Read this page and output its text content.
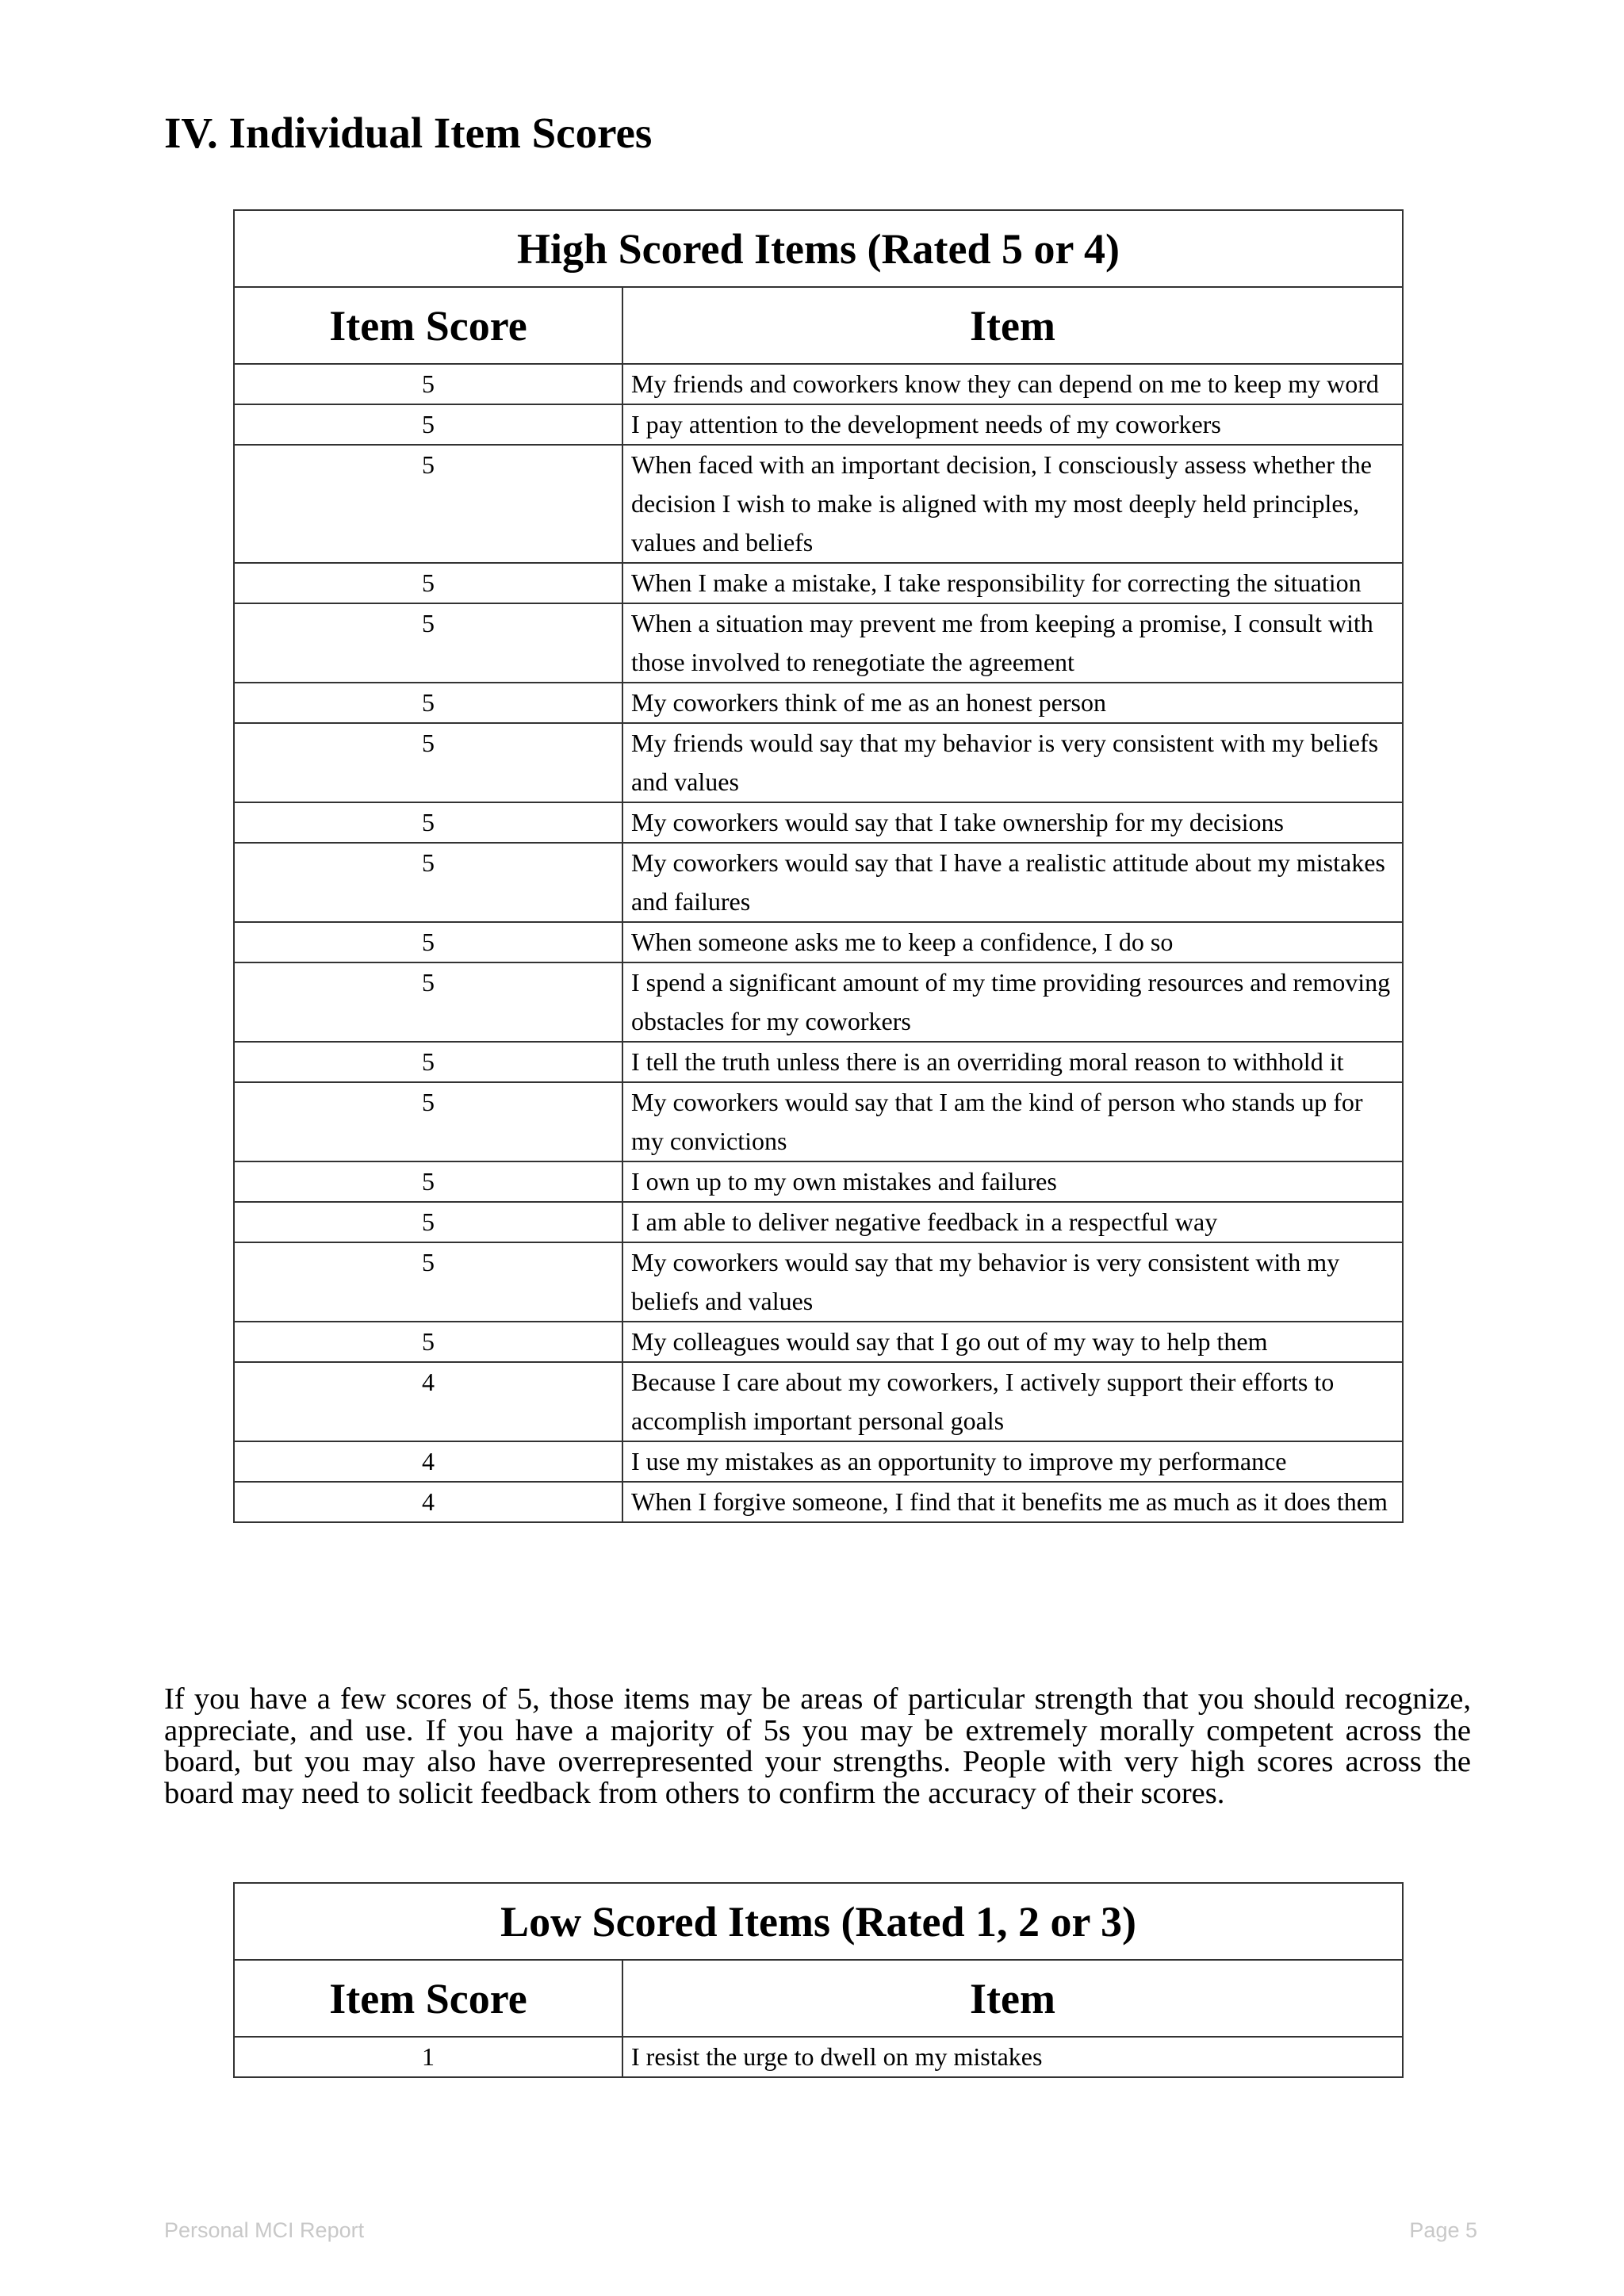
IV. Individual Item Scores
High Scored Items (Rated 5 or 4)	
Item Score	Item
5	My friends and coworkers know they can depend on me to keep my word
5	I pay attention to the development needs of my coworkers
5	When faced with an important decision, I consciously assess whether the decision I wish to make is aligned with my most deeply held principles, values and beliefs
5	When I make a mistake, I take responsibility for correcting the situation
5	When a situation may prevent me from keeping a promise, I consult with those involved to renegotiate the agreement
5	My coworkers think of me as an honest person
5	My friends would say that my behavior is very consistent with my beliefs and values
5	My coworkers would say that I take ownership for my decisions
5	My coworkers would say that I have a realistic attitude about my mistakes and failures
5	When someone asks me to keep a confidence, I do so
5	I spend a significant amount of my time providing resources and removing obstacles for my coworkers
5	I tell the truth unless there is an overriding moral reason to withhold it
5	My coworkers would say that I am the kind of person who stands up for my convictions
5	I own up to my own mistakes and failures
5	I am able to deliver negative feedback in a respectful way
5	My coworkers would say that my behavior is very consistent with my beliefs and values
5	My colleagues would say that I go out of my way to help them
4	Because I care about my coworkers, I actively support their efforts to accomplish important personal goals
4	I use my mistakes as an opportunity to improve my performance
4	When I forgive someone, I find that it benefits me as much as it does them

If you have a few scores of 5, those items may be areas of particular strength that you should recognize, appreciate, and use. If you have a majority of 5s you may be extremely morally competent across the board, but you may also have overrepresented your strengths. People with very high scores across the board may need to solicit feedback from others to confirm the accuracy of their scores.

Low Scored Items (Rated 1, 2 or 3)	
Item Score	Item
1	I resist the urge to dwell on my mistakes
Personal MCI Report	Page 5
